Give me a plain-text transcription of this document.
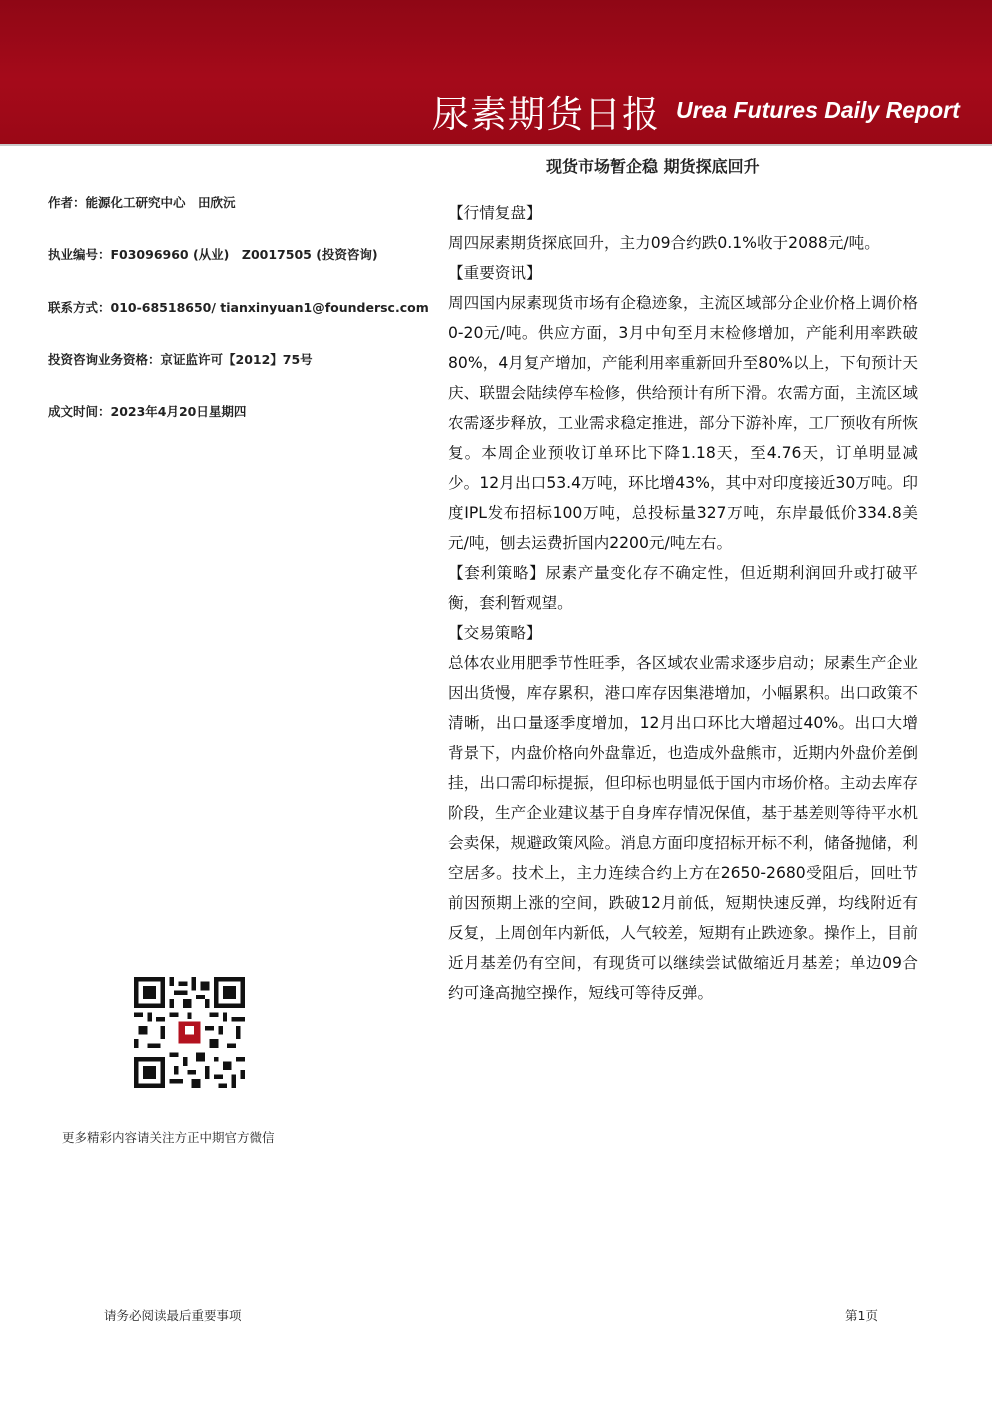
尿素期货日报 Urea Futures Daily Report
现货市场暂企稳 期货探底回升
作者：能源化工研究中心　田欣沅
执业编号：F03096960 (从业)　Z0017505 (投资咨询)
联系方式：010-68518650/ tianxinyuan1@foundersc.com
投资咨询业务资格：京证监许可【2012】75号
成文时间：2023年4月20日星期四
更多精彩内容请关注方正中期官方微信

【行情复盘】

周四尿素期货探底回升，主力09合约跌0.1%收于2088元/吨。

【重要资讯】

周四国内尿素现货市场有企稳迹象，主流区域部分企业价格上调价格0-20元/吨。供应方面，3月中旬至月末检修增加，产能利用率跌破80%，4月复产增加，产能利用率重新回升至80%以上，下旬预计天庆、联盟会陆续停车检修，供给预计有所下滑。农需方面，主流区域农需逐步释放，工业需求稳定推进，部分下游补库，工厂预收有所恢复。本周企业预收订单环比下降1.18天，至4.76天，订单明显减少。12月出口53.4万吨，环比增43%，其中对印度接近30万吨。印度IPL发布招标100万吨，总投标量327万吨，东岸最低价334.8美元/吨，刨去运费折国内2200元/吨左右。

【套利策略】尿素产量变化存不确定性，但近期利润回升或打破平衡，套利暂观望。

【交易策略】

总体农业用肥季节性旺季，各区域农业需求逐步启动；尿素生产企业因出货慢，库存累积，港口库存因集港增加，小幅累积。出口政策不清晰，出口量逐季度增加，12月出口环比大增超过40%。出口大增背景下，内盘价格向外盘靠近，也造成外盘熊市，近期内外盘价差倒挂，出口需印标提振，但印标也明显低于国内市场价格。主动去库存阶段，生产企业建议基于自身库存情况保值，基于基差则等待平水机会卖保，规避政策风险。消息方面印度招标开标不利，储备抛储，利空居多。技术上，主力连续合约上方在2650-2680受阻后，回吐节前因预期上涨的空间，跌破12月前低，短期快速反弹，均线附近有反复，上周创年内新低，人气较差，短期有止跌迹象。操作上，目前近月基差仍有空间，有现货可以继续尝试做缩近月基差；单边09合约可逢高抛空操作，短线可等待反弹。

请务必阅读最后重要事项	第1页
